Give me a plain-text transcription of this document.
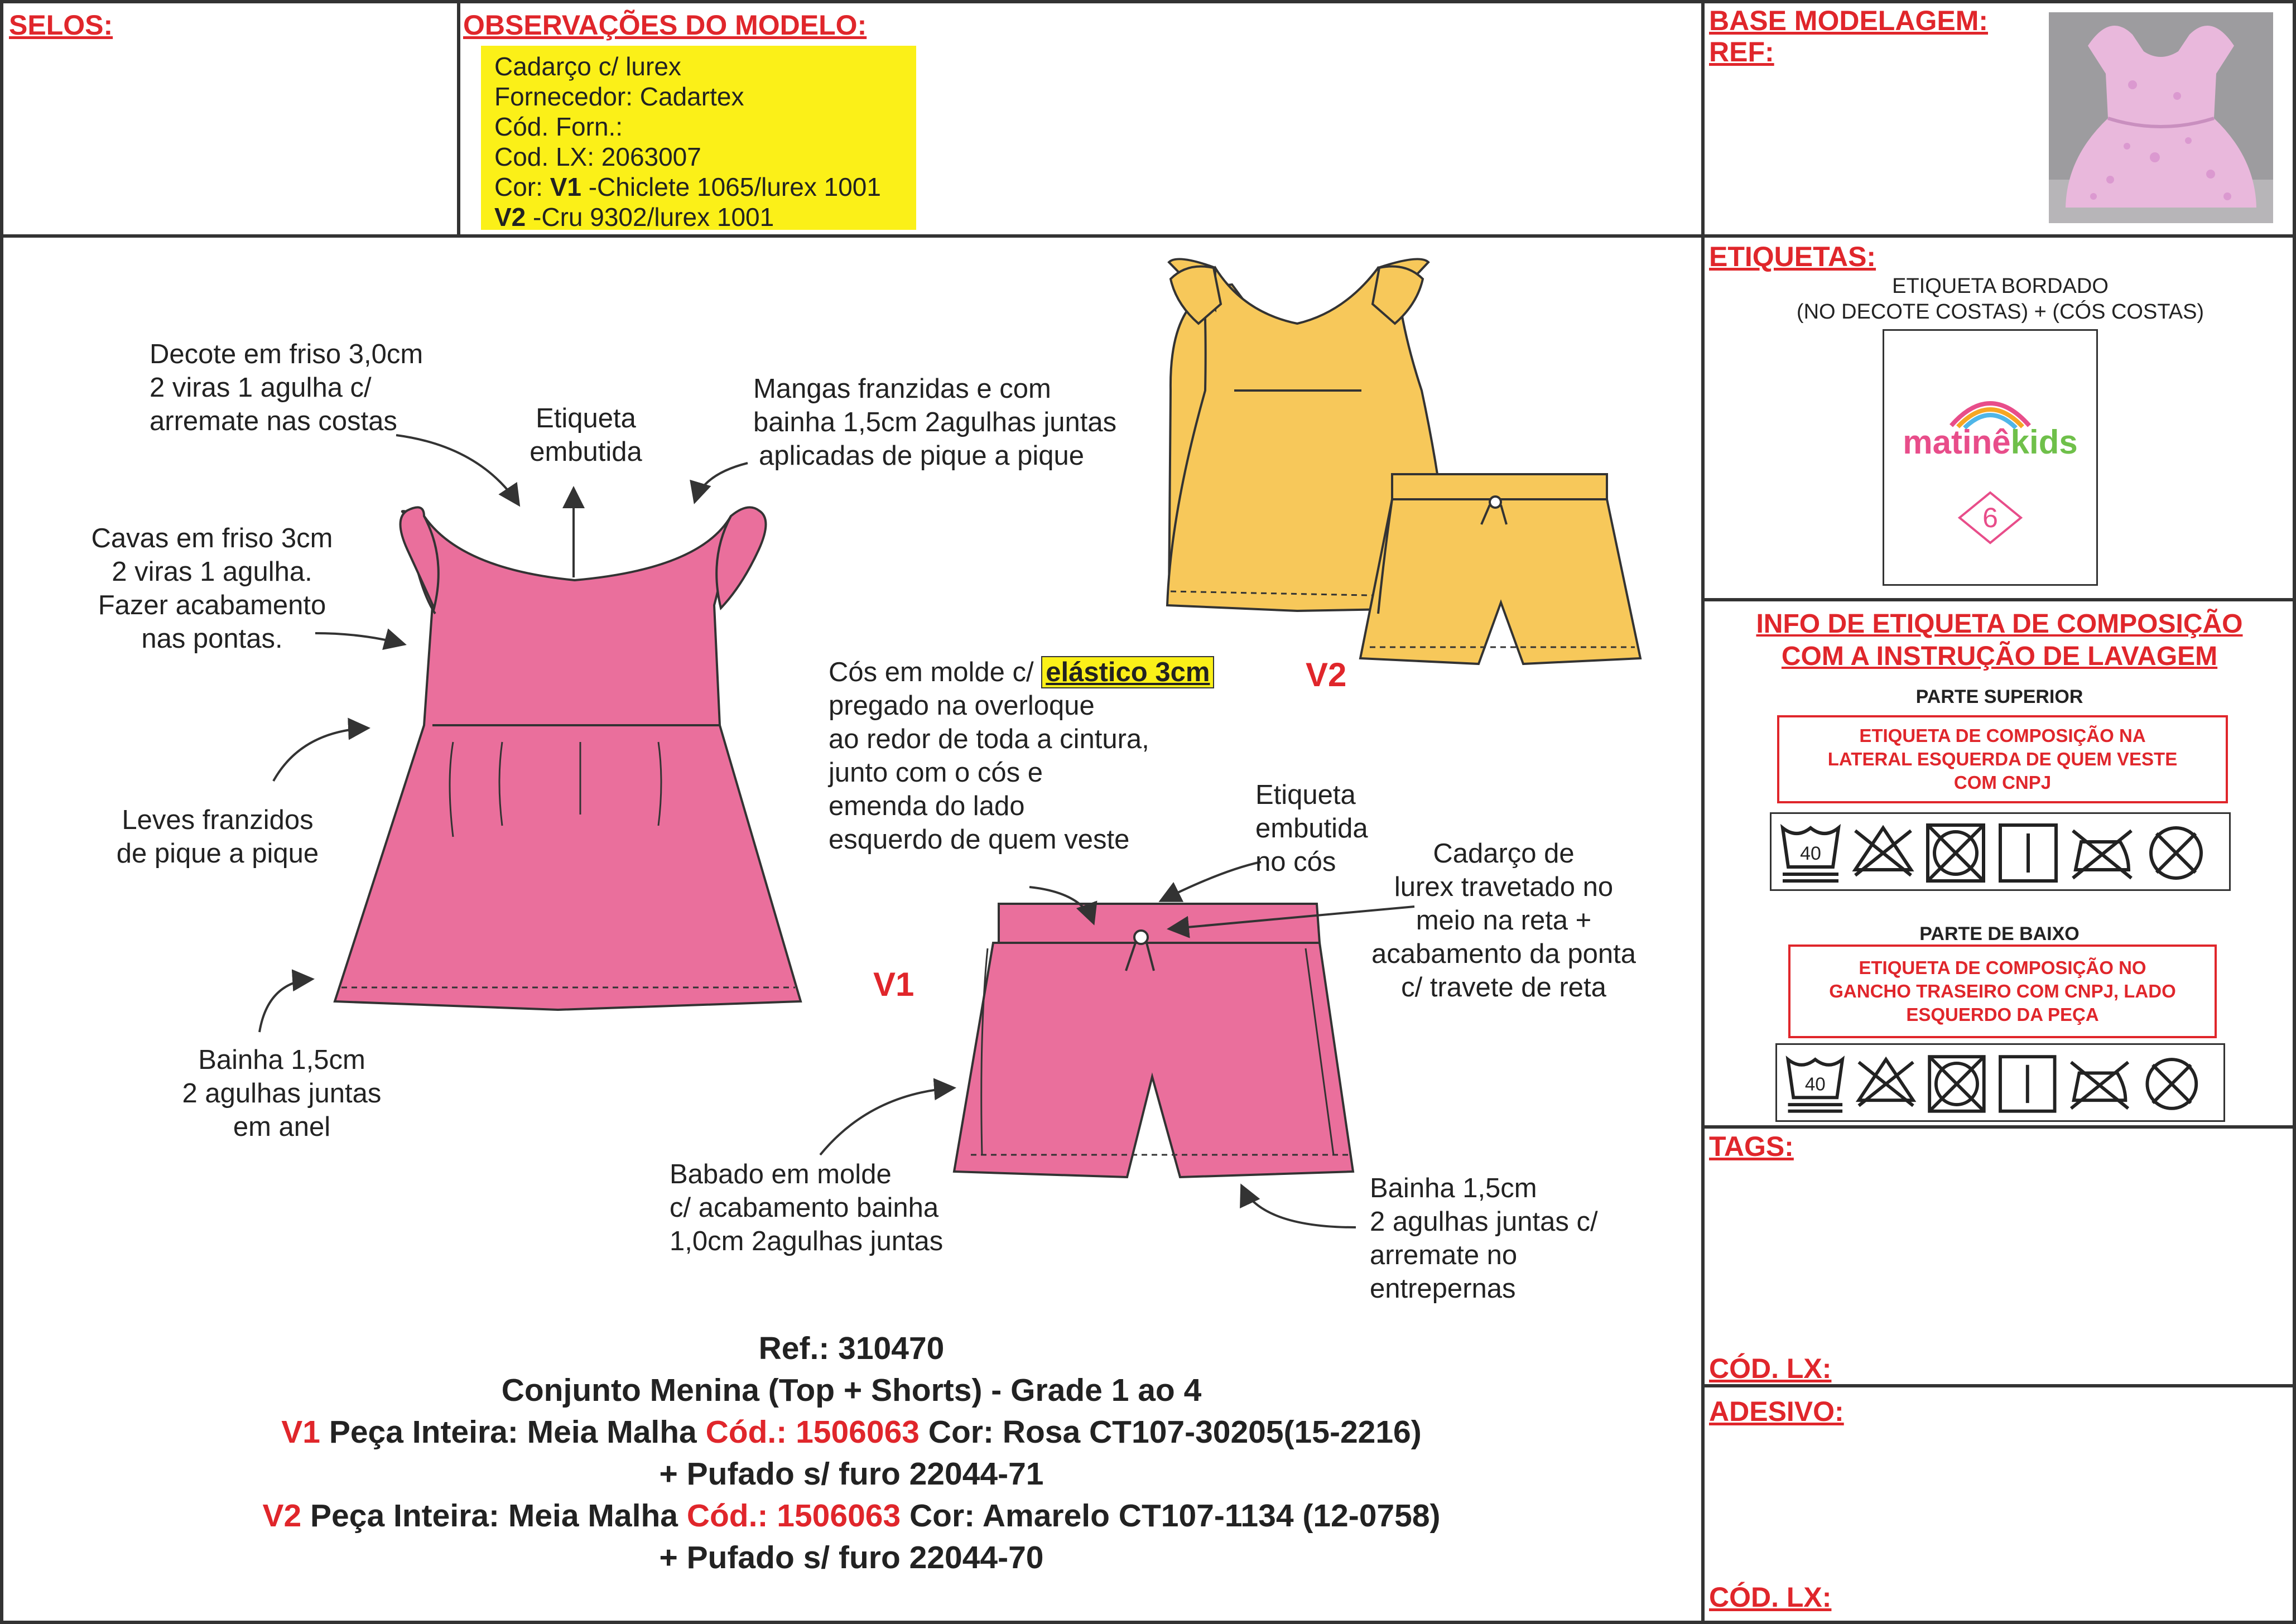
SELOS:	OBSERVAÇÕES DO MODELO:	BASE MODELAGEM:
REF:
Cadarço c/ lurex
Fornecedor: Cadartex
Cód. Forn.:
Cod. LX: 2063007
Cor: V1 -Chiclete 1065/lurex 1001
V2 -Cru 9302/lurex 1001
Decote em friso 3,0cm
2 viras 1 agulha c/
arremate nas costas	Etiqueta
embutida
Mangas franzidas e com
bainha 1,5cm 2agulhas juntas
aplicadas de pique a pique
Cavas em friso 3cm
2 viras 1 agulha.
Fazer acabamento
nas pontas.
Leves franzidos
de pique a pique
Bainha 1,5cm
2 agulhas juntas
em anel
Cós em molde c/ elástico 3cm
pregado na overloque
ao redor de toda a cintura,
junto com o cós e
emenda do lado
esquerdo de quem veste
Etiqueta
embutida
no cós	Cadarço de
lurex travetado no
meio na reta +
acabamento da ponta
c/ travete de reta
Babado em molde
c/ acabamento bainha
1,0cm 2agulhas juntas
Bainha 1,5cm
2 agulhas juntas c/
arremate no
entrepernas
V2
V1
Ref.: 310470
Conjunto Menina (Top + Shorts) - Grade 1 ao 4
V1 Peça Inteira: Meia Malha Cód.: 1506063 Cor: Rosa CT107-30205(15-2216)
+ Pufado s/ furo 22044-71
V2 Peça Inteira: Meia Malha Cód.: 1506063 Cor: Amarelo CT107-1134 (12-0758)
+ Pufado s/ furo 22044-70
ETIQUETAS:
ETIQUETA BORDADO
(NO DECOTE COSTAS) + (CÓS COSTAS)
matinêkids
6
INFO DE ETIQUETA DE COMPOSIÇÃO
COM A INSTRUÇÃO DE LAVAGEM
PARTE SUPERIOR
ETIQUETA DE COMPOSIÇÃO NA
LATERAL ESQUERDA DE QUEM VESTE
COM CNPJ
40
PARTE DE BAIXO
ETIQUETA DE COMPOSIÇÃO NO
GANCHO TRASEIRO COM CNPJ, LADO
ESQUERDO DA PEÇA
40
TAGS:
CÓD. LX:
ADESIVO:
CÓD. LX:
